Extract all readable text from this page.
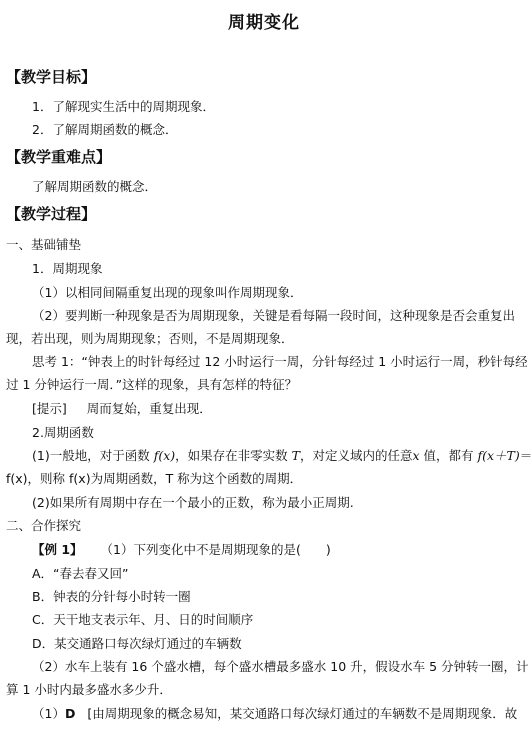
周期变化
【教学目标】
1．了解现实生活中的周期现象．
2．了解周期函数的概念．
【教学重难点】
了解周期函数的概念．
【教学过程】
一、基础铺垫
1．周期现象
（1）以相同间隔重复出现的现象叫作周期现象．
（2）要判断一种现象是否为周期现象，关键是看每隔一段时间，这种现象是否会重复出
现，若出现，则为周期现象；否则，不是周期现象．
思考 1：“钟表上的时针每经过 12 小时运行一周，分针每经过 1 小时运行一周，秒针每经
过 1 分钟运行一周．”这样的现象，具有怎样的特征？
[提示] 周而复始，重复出现．
2.周期函数
(1)一般地，对于函数 f(x)，如果存在非零实数 T，对定义域内的任意x 值，都有 f(x＋T)＝
f(x)，则称 f(x)为周期函数，T 称为这个函数的周期．
(2)如果所有周期中存在一个最小的正数，称为最小正周期.
二、合作探究
【例 1】 （1）下列变化中不是周期现象的是(　　)
A．“春去春又回”
B．钟表的分针每小时转一圈
C．天干地支表示年、月、日的时间顺序
D．某交通路口每次绿灯通过的车辆数
（2）水车上装有 16 个盛水槽，每个盛水槽最多盛水 10 升，假设水车 5 分钟转一圈，计
算 1 小时内最多盛水多少升．
（1）D [由周期现象的概念易知，某交通路口每次绿灯通过的车辆数不是周期现象．故
